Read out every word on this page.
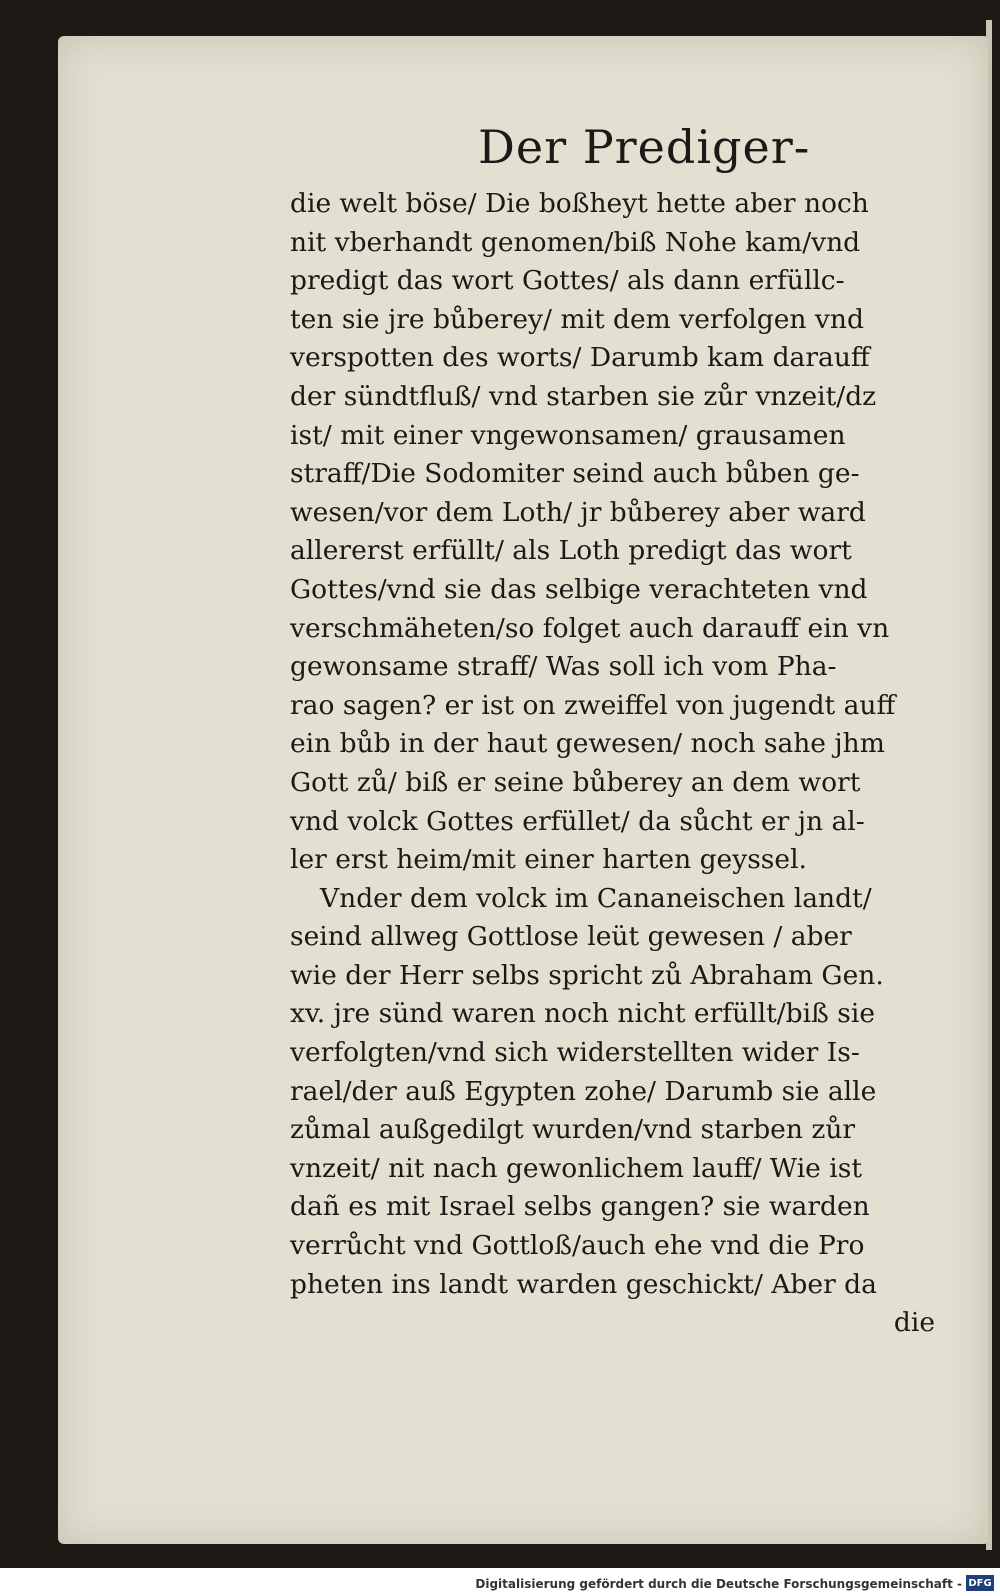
Der Prediger-
die welt böse/ Die boßheyt hette aber noch
nit vberhandt genomen/biß Nohe kam/vnd
predigt das wort Gottes/ als dann erfüllc-
ten sie jre bůberey/ mit dem verfolgen vnd
verspotten des worts/ Darumb kam darauff
der sündtfluß/ vnd starben sie zůr vnzeit/dz
ist/ mit einer vngewonsamen/ grausamen
straff/Die Sodomiter seind auch bůben ge-
wesen/vor dem Loth/ jr bůberey aber ward
allererst erfüllt/ als Loth predigt das wort
Gottes/vnd sie das selbige verachteten vnd
verschmäheten/so folget auch darauff ein vn
gewonsame straff/ Was soll ich vom Pha-
rao sagen? er ist on zweiffel von jugendt auff
ein bůb in der haut gewesen/ noch sahe jhm
Gott zů/ biß er seine bůberey an dem wort
vnd volck Gottes erfüllet/ da sůcht er jn al-
ler erst heim/mit einer harten geyssel.
Vnder dem volck im Cananeischen landt/
seind allweg Gottlose leüt gewesen / aber
wie der Herr selbs spricht zů Abraham Gen.
xv. jre sünd waren noch nicht erfüllt/biß sie
verfolgten/vnd sich widerstellten wider Is-
rael/der auß Egypten zohe/ Darumb sie alle
zůmal außgedilgt wurden/vnd starben zůr
vnzeit/ nit nach gewonlichem lauff/ Wie ist
dañ es mit Israel selbs gangen? sie warden
verrůcht vnd Gottloß/auch ehe vnd die Pro
pheten ins landt warden geschickt/ Aber da
die
Digitalisierung gefördert durch die Deutsche Forschungsgemeinschaft - DFG
